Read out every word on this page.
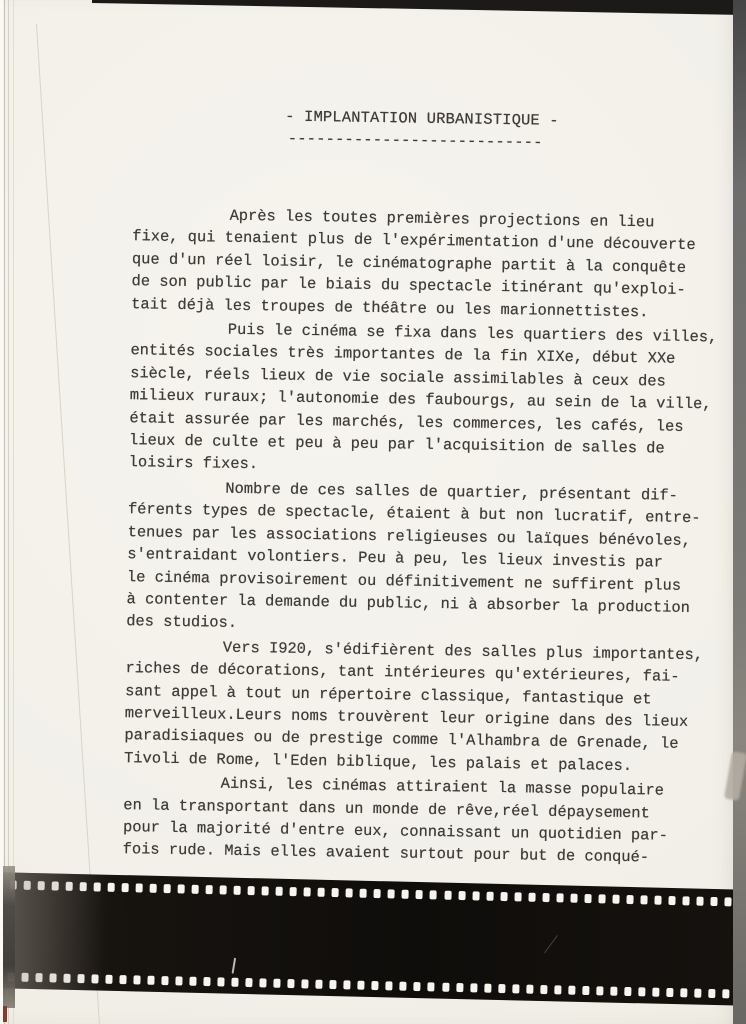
- IMPLANTATION URBANISTIQUE -
---------------------------
Après les toutes premières projections en lieu
fixe, qui tenaient plus de l'expérimentation d'une découverte
que d'un réel loisir, le cinématographe partit à la conquête
de son public par le biais du spectacle itinérant qu'exploi-
tait déjà les troupes de théâtre ou les marionnettistes.
Puis le cinéma se fixa dans les quartiers des villes,
entités sociales très importantes de la fin XIXe, début XXe
siècle, réels lieux de vie sociale assimilables à ceux des
milieux ruraux; l'autonomie des faubourgs, au sein de la ville,
était assurée par les marchés, les commerces, les cafés, les
lieux de culte et peu à peu par l'acquisition de salles de
loisirs fixes.
Nombre de ces salles de quartier, présentant dif-
férents types de spectacle, étaient à but non lucratif, entre-
tenues par les associations religieuses ou laïques bénévoles,
s'entraidant volontiers. Peu à peu, les lieux investis par
le cinéma provisoirement ou définitivement ne suffirent plus
à contenter la demande du public, ni à absorber la production
des studios.
Vers I920, s'édifièrent des salles plus importantes,
riches de décorations, tant intérieures qu'extérieures, fai-
sant appel à tout un répertoire classique, fantastique et
merveilleux.Leurs noms trouvèrent leur origine dans des lieux
paradisiaques ou de prestige comme l'Alhambra de Grenade, le
Tivoli de Rome, l'Eden biblique, les palais et palaces.
Ainsi, les cinémas attiraient la masse populaire
en la transportant dans un monde de rêve,réel dépaysement
pour la majorité d'entre eux, connaissant un quotidien par-
fois rude. Mais elles avaient surtout pour but de conqué-
